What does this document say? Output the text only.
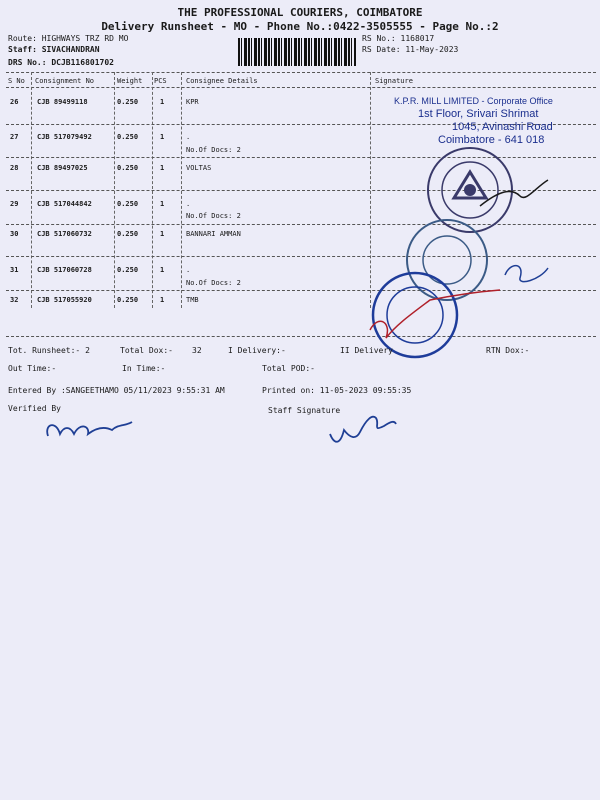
THE PROFESSIONAL COURIERS, COIMBATORE
Delivery Runsheet - MO - Phone No.:0422-3505555 - Page No.:2
Route: HIGHWAYS TRZ RD MO
Staff: SIVACHANDRAN
DRS No.: DCJB116801702
RS No.: 1168017
RS Date: 11-May-2023
S No Consignment No	Weight PCS	Consignee Details	Signature
26	CJB 89499118	0.250	1	KPR
27	CJB 517079492	0.250	1	.
No.Of Docs: 2
28	CJB 89497025	0.250	1	VOLTAS
29	CJB 517044842	0.250	1	.
No.Of Docs: 2
30	CJB 517060732	0.250	1	BANNARI AMMAN
31	CJB 517060728	0.250	1	.
No.Of Docs: 2
32	CJB 517055920	0.250	1	TMB
K.P.R. MILL LIMITED - Corporate Office
1st Floor, Srivari Shrimat
1045, Avinashi Road
Coimbatore - 641 018
Tot. Runsheet:- 2	Total Dox:- 32	I Delivery:-	II Delivery	RTN Dox:-
Out Time:-	In Time:-	Total POD:-
Entered By :SANGEETHAMO 05/11/2023 9:55:31 AM	Printed on: 11-05-2023 09:55:35
Verified By	Staff Signature
